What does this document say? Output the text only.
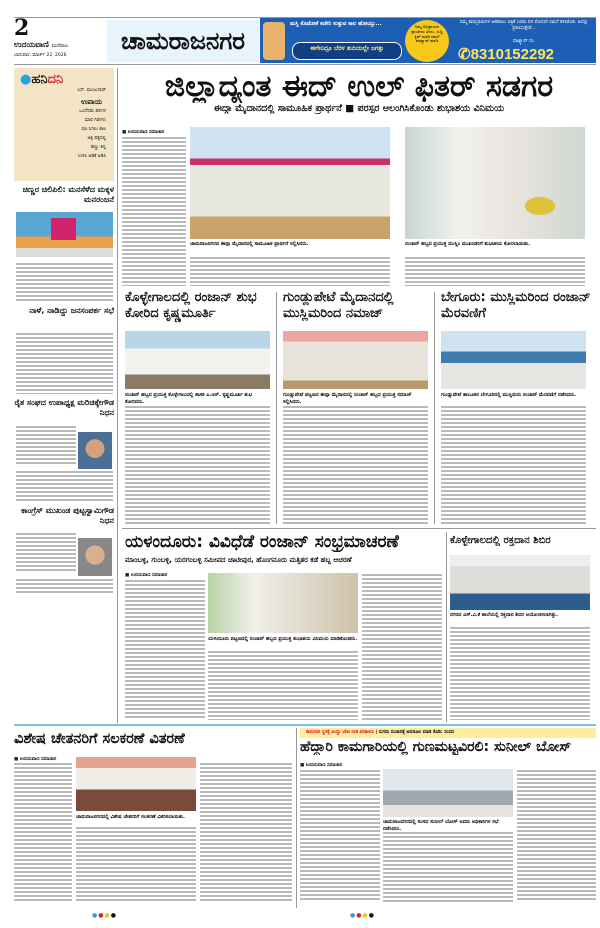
2
ಉದಯವಾಣಿ ಮಣಿಪಾಲ
ಭಾನುವಾರ, ಮಾರ್ಚ್ 22, 2026
ಚಾಮರಾಜನಗರ
ಮಸ್ತಿ ಕೊಡೋಕೆ ಕಚೇರಿ ಸುತ್ತುವ ಕಾಲ ಹೋಯ್ತು...
ಈಗೇನಿದ್ರೂ ಬೆರಳ ತುದಿಯಲ್ಲೇ ಜಗತ್ತು
ನಿಮ್ಮ ಅಭಿಪ್ರಾಯದ ಪ್ರಾಂತೀಯ ತಿಳಿಸು. ಸುದ್ದಿ ಕ್ಲಿಪ್ ಮಾಡಿ ನಮಗೆ ವಾಟ್ಸ್ಯಾಪ್ ಮಾಡಿ
ನಿಮ್ಮ ಕಾಮಗ್ರಾಮಗಳ ಅಹವಾಲು ಪತ್ರಿಕೆ ಎರಡು ದಿನ ಮೊದಲೇ ನಮಗೆ ಕಳಿಸಿಕೊಡಿ. ಅದನ್ನು ಪ್ರಕಟಿಸುತ್ತೇವೆ...
ವಾಟ್ಸ್ಯಾಪ್ ನಂ.
✆8310152292
●ಹನಿದನಿ
ಎಸ್. ಮಂಜುನಾಥ್
ಉಪಾಯ
ಒಂದೆರಡು ಹನಿಗಳ
ಮಾರ ಗಿಡಗಳು
ಫಲ ಸಿಗಲು ಕಾಲ
ಅಕ್ಕ ಪಕ್ಕದಲ್ಲಿ
ಹಣ್ಣು ತಿನ್ನ
ಉಳಿಸಿ ಅಡಿಕೆ ಅಡಿಸಿ
ಚಿಣ್ಣರ ಚಿಲಿಪಿಲಿ: ಮನಸೆಳೆದ ಮಕ್ಕಳ ಮನರಂಜನೆ
ನಾಳೆ, ನಾಡಿದ್ದು ಜನಸಂಪರ್ಕ ಸಭೆ
ರೈತ ಸಂಘದ ಉಪಾಧ್ಯಕ್ಷ ಮರಿಚಿಕ್ಕೇಗೌಡ ನಿಧನ
ಕಾಂಗ್ರೆಸ್ ಮುಖಂಡ ಪುಟ್ಟಸ್ವಾಮಿಗೌಡ ನಿಧನ
ಜಿಲ್ಲಾದ್ಯಂತ ಈದ್ ಉಲ್ ಫಿತರ್ ಸಡಗರ
ಈದ್ಗಾ ಮೈದಾನದಲ್ಲಿ ಸಾಮೂಹಿಕ ಪ್ರಾರ್ಥನೆ ■ ಪರಸ್ಪರ ಆಲಂಗಿಸಿಕೊಂಡು ಶುಭಾಶಯ ವಿನಿಮಯ
■ ಉದಯವಾಣಿ ಸಮಾಚಾರ
ಚಾಮರಾಜನಗರದ ಈದ್ಗಾ ಮೈದಾನದಲ್ಲಿ ಸಾಮೂಹಿಕ ಪ್ರಾರ್ಥನೆ ಸಲ್ಲಿಸಿದರು.	ರಂಜಾನ್ ಹಬ್ಬದ ಪ್ರಯುಕ್ತ ಮುಸ್ಲಿಂ ಮುಖಂಡರಿಗೆ ಶುಭಾಶಯ ಕೋರಲಾಯಿತು.
ಕೊಳ್ಳೇಗಾಲದಲ್ಲಿ ರಂಜಾನ್ ಶುಭ ಕೋರಿದ ಕೃಷ್ಣಮೂರ್ತಿ
ರಂಜಾನ್ ಹಬ್ಬದ ಪ್ರಯುಕ್ತ ಕೊಳ್ಳೇಗಾಲದಲ್ಲಿ ಶಾಸಕ ಎ.ಆರ್. ಕೃಷ್ಣಮೂರ್ತಿ ಶುಭ ಕೋರಿದರು.
ಗುಂಡ್ಲುಪೇಟೆ ಮೈದಾನದಲ್ಲಿ ಮುಸ್ಲಿಮರಿಂದ ನಮಾಜ್
ಗುಂಡ್ಲುಪೇಟೆ ಪಟ್ಟಣದ ಈದ್ಗಾ ಮೈದಾನದಲ್ಲಿ ರಂಜಾನ್ ಹಬ್ಬದ ಪ್ರಯುಕ್ತ ನಮಾಜ್ ಸಲ್ಲಿಸಿದರು.
ಬೇಗೂರು: ಮುಸ್ಲಿಮರಿಂದ ರಂಜಾನ್ ಮೆರವಣಿಗೆ
ಗುಂಡ್ಲುಪೇಟೆ ತಾಲೂಕಿನ ಬೇಗೂರಿನಲ್ಲಿ ಮುಸ್ಲಿಮರು ರಂಜಾನ್ ಮೆರವಣಿಗೆ ನಡೆಸಿದರು.
ಯಳಂದೂರು: ವಿವಿಧೆಡೆ ರಂಜಾನ್ ಸಂಭ್ರಮಾಚರಣೆ
ಮಾಂಬಳ್ಳಿ, ಗುಂಬಳ್ಳಿ, ಯರಗಂಬಳ್ಳಿ ಸಮೀಪದ ಚಾಟೀಪುರ, ಹೊಂಗನೂರು ಮತ್ತಿತರ ಕಡೆ ಹಬ್ಬ ಆಚರಣೆ
■ ಉದಯವಾಣಿ ಸಮಾಚಾರ
ಯಳಂದೂರು ಪಟ್ಟಣದಲ್ಲಿ ರಂಜಾನ್ ಹಬ್ಬದ ಪ್ರಯುಕ್ತ ಶುಭಾಶಯ ವಿನಿಮಯ ಮಾಡಿಕೊಂಡರು.
ಕೊಳ್ಳೇಗಾಲದಲ್ಲಿ ರಕ್ತದಾನ ಶಿಬಿರ
ನಗರದ ಎಸ್.ವಿ.ಕೆ ಶಾಲೆಯಲ್ಲಿ ರಕ್ತದಾನ ಶಿಬಿರ ಆಯೋಜಿಸಲಾಗಿತ್ತು.
ವಿಶೇಷ ಚೇತನರಿಗೆ ಸಲಕರಣೆ ವಿತರಣೆ
■ ಉದಯವಾಣಿ ಸಮಾಚಾರ
ಚಾಮರಾಜನಗರದಲ್ಲಿ ವಿಶೇಷ ಚೇತನರಿಗೆ ಸಲಕರಣೆ ವಿತರಿಸಲಾಯಿತು.
ಕಾಮಗಾರಿ ಸ್ಥಳಕ್ಕೆ ಖುದ್ದು ಭೇಟಿ ನೀಡಿ ಪರಿಶೀಲಿಸಿ | ಸುಗಮ ಸಂಚಾರಕ್ಕೆ ಅನುಕೂಲ ಮಾಡಿ ಕೊಡಿ: ಸಂಸದ
ಹೆದ್ದಾರಿ ಕಾಮಗಾರಿಯಲ್ಲಿ ಗುಣಮಟ್ಟವಿರಲಿ: ಸುನೀಲ್ ಬೋಸ್
■ ಉದಯವಾಣಿ ಸಮಾಚಾರ
ಚಾಮರಾಜನಗರದಲ್ಲಿ ಸಂಸದ ಸುನೀಲ್ ಬೋಸ್ ಅವರು ಅಧಿಕಾರಿಗಳ ಸಭೆ ನಡೆಸಿದರು.
●●●●	●●●●
